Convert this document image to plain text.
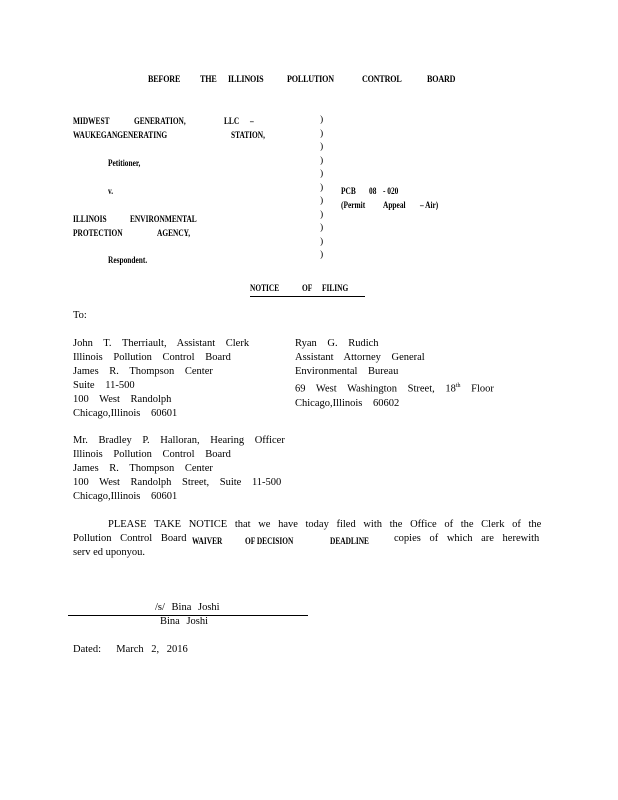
BEFORE THE ILLINOIS POLLUTION	CONTROL	BOARD
MIDWEST	GENERATION,	LLC –
WAUKEGANGENERATING	STATION,
Petitioner,
v.
ILLINOIS	ENVIRONMENTAL
PROTECTION	AGENCY,
Respondent.
)
)
)
)
)
)
)
)
)
)
)
PCB 08 - 020
(Permit Appeal – Air)
NOTICE	OF FILING
To:
John T. Therriault, Assistant Clerk
Illinois Pollution Control Board
James R. Thompson Center
Suite 11-500
100 West Randolph
Chicago,Illinois 60601
Ryan G. Rudich
Assistant Attorney General
Environmental Bureau
69 West Washington Street, 18th Floor
Chicago,Illinois 60602
Mr. Bradley P. Halloran, Hearing Officer
Illinois Pollution Control Board
James R. Thompson Center
100 West Randolph Street, Suite 11-500
Chicago,Illinois 60601
PLEASE TAKE NOTICE that we have today filed with the Office of the Clerk of the
Pollution Control Board WAIVER	OF DECISION	DEADLINE copies of which are herewith
serv ed uponyou.
/s/ Bina Joshi
Bina Joshi
Dated:  March 2, 2016
